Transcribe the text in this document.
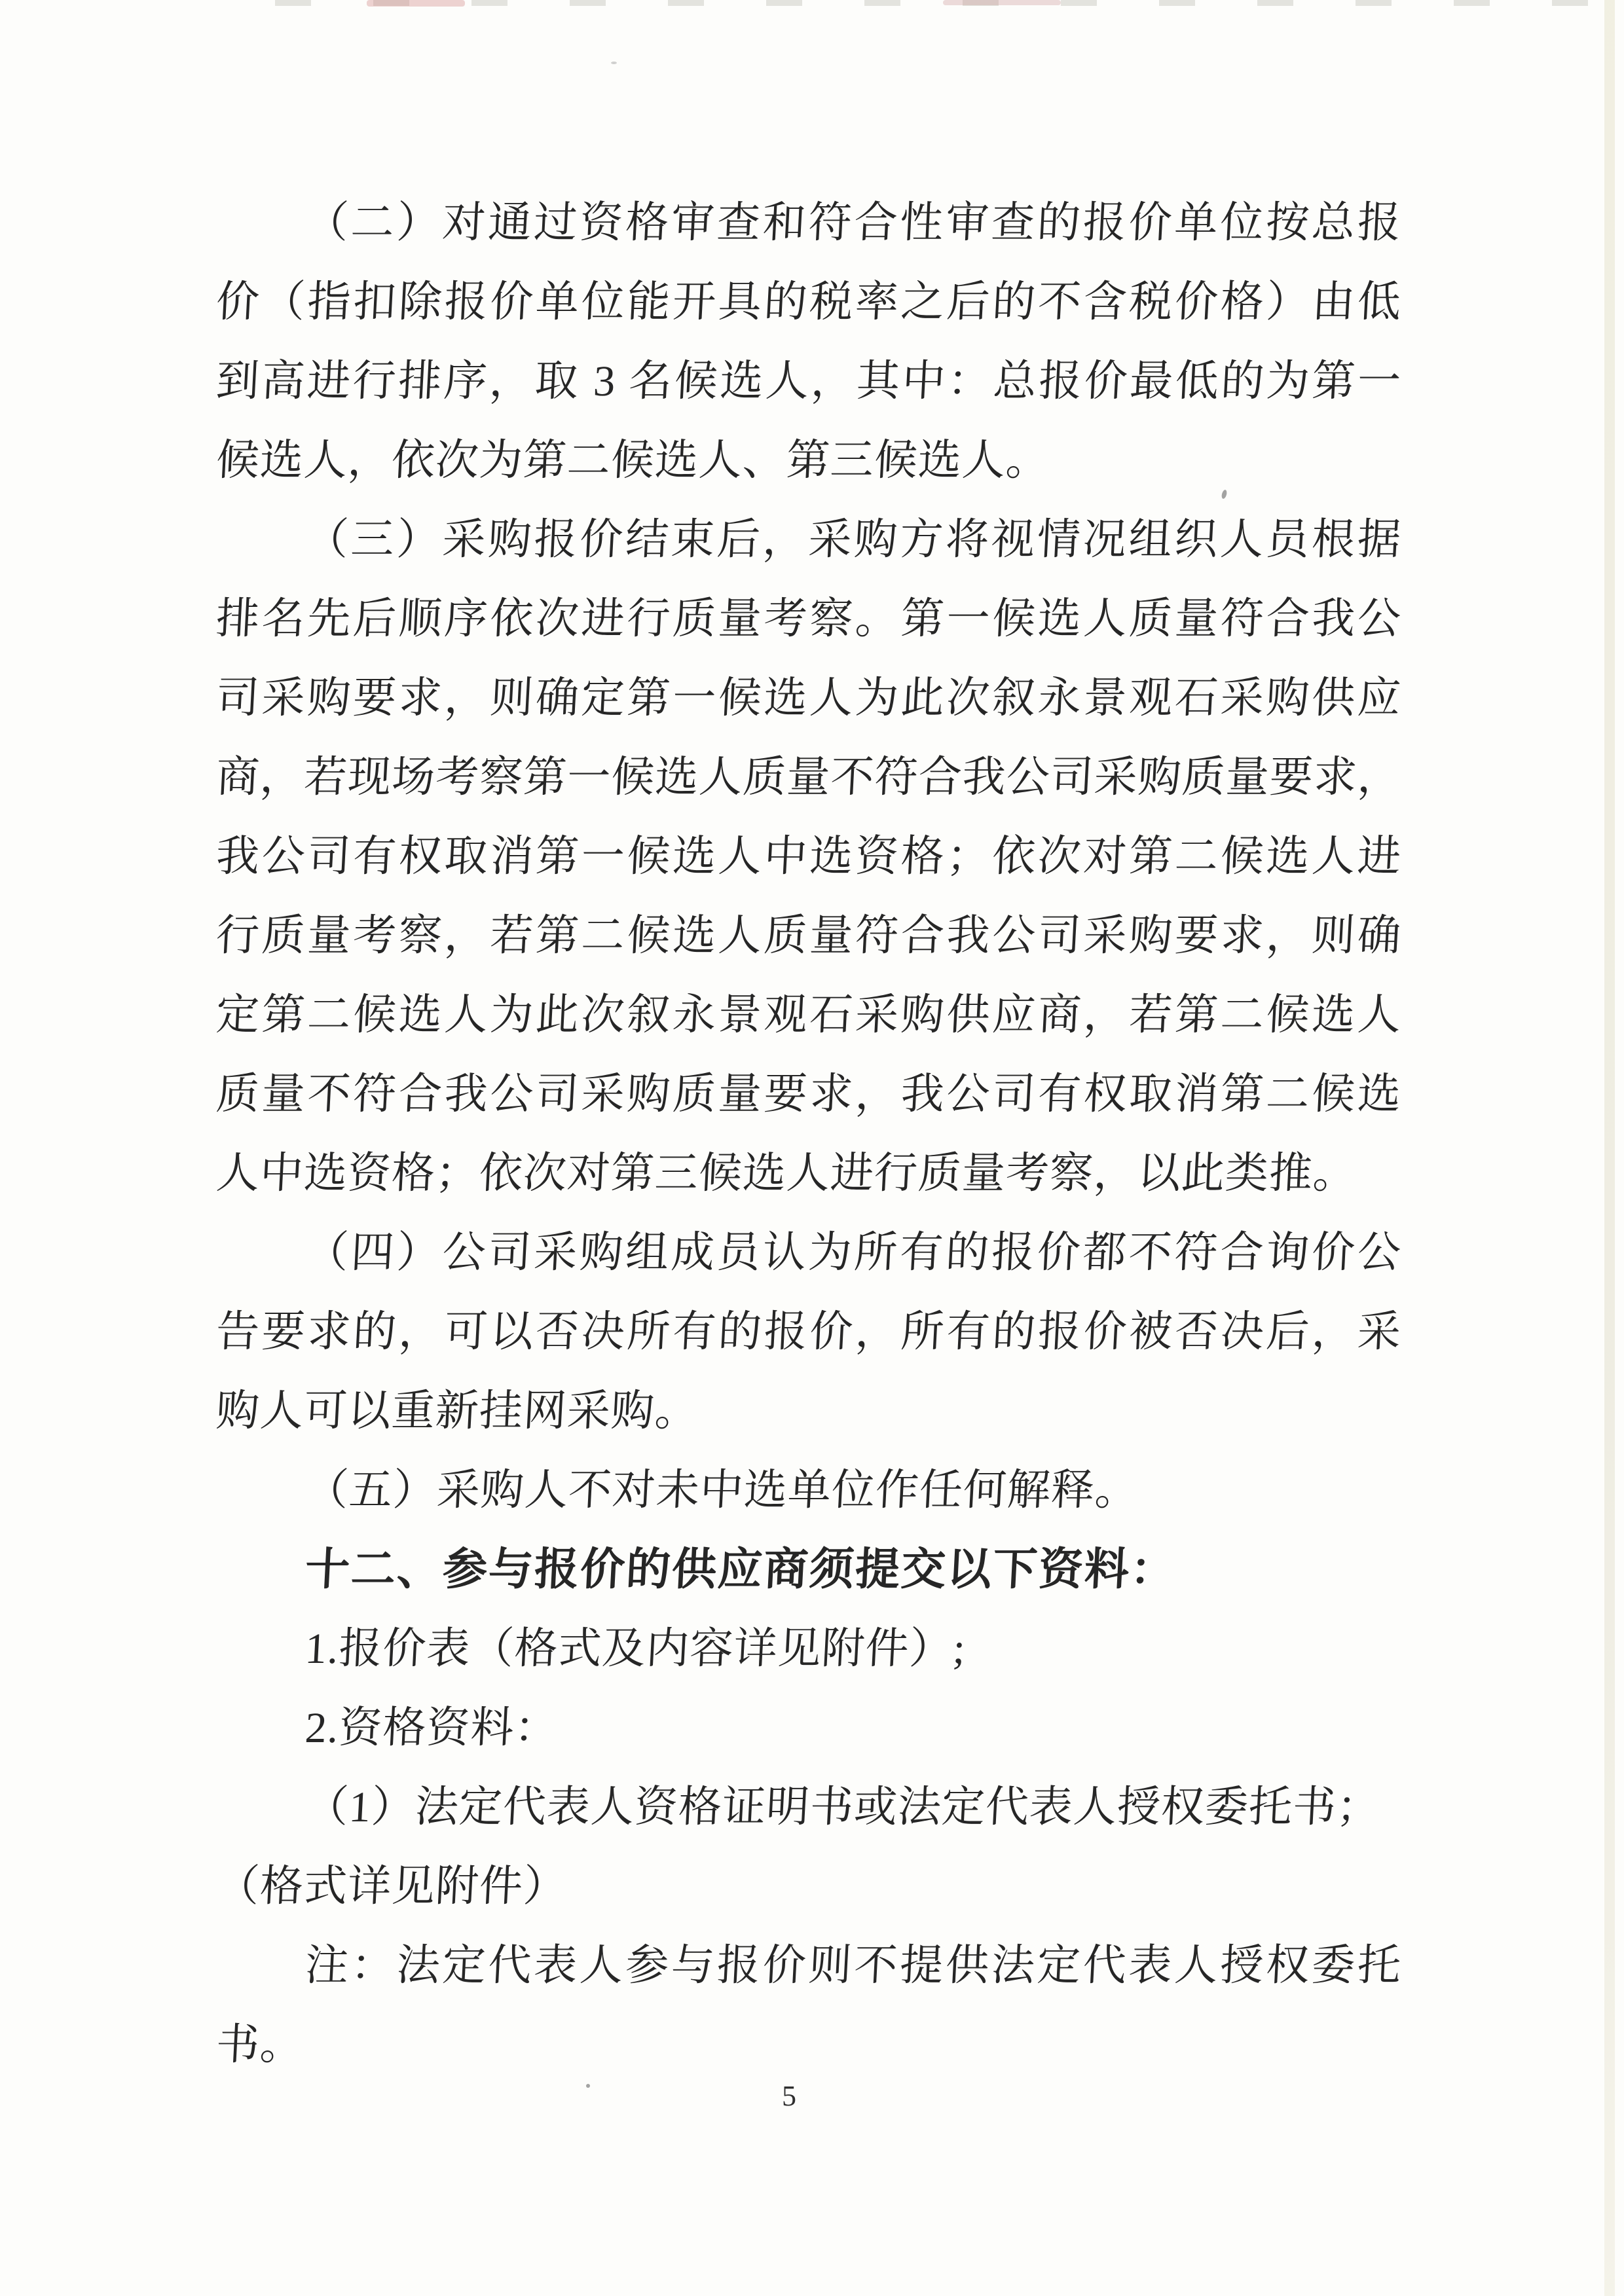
（二）对通过资格审查和符合性审查的报价单位按总报
价（指扣除报价单位能开具的税率之后的不含税价格）由低
到高进行排序，取 3 名候选人，其中：总报价最低的为第一
候选人，依次为第二候选人、第三候选人。
（三）采购报价结束后，采购方将视情况组织人员根据
排名先后顺序依次进行质量考察。第一候选人质量符合我公
司采购要求，则确定第一候选人为此次叙永景观石采购供应
商，若现场考察第一候选人质量不符合我公司采购质量要求，
我公司有权取消第一候选人中选资格；依次对第二候选人进
行质量考察，若第二候选人质量符合我公司采购要求，则确
定第二候选人为此次叙永景观石采购供应商，若第二候选人
质量不符合我公司采购质量要求，我公司有权取消第二候选
人中选资格；依次对第三候选人进行质量考察，以此类推。
（四）公司采购组成员认为所有的报价都不符合询价公
告要求的，可以否决所有的报价，所有的报价被否决后，采
购人可以重新挂网采购。
（五）采购人不对未中选单位作任何解释。
十二、参与报价的供应商须提交以下资料：
1.报价表（格式及内容详见附件）;
2.资格资料：
（1）法定代表人资格证明书或法定代表人授权委托书；
（格式详见附件）
注：法定代表人参与报价则不提供法定代表人授权委托
书。
5
